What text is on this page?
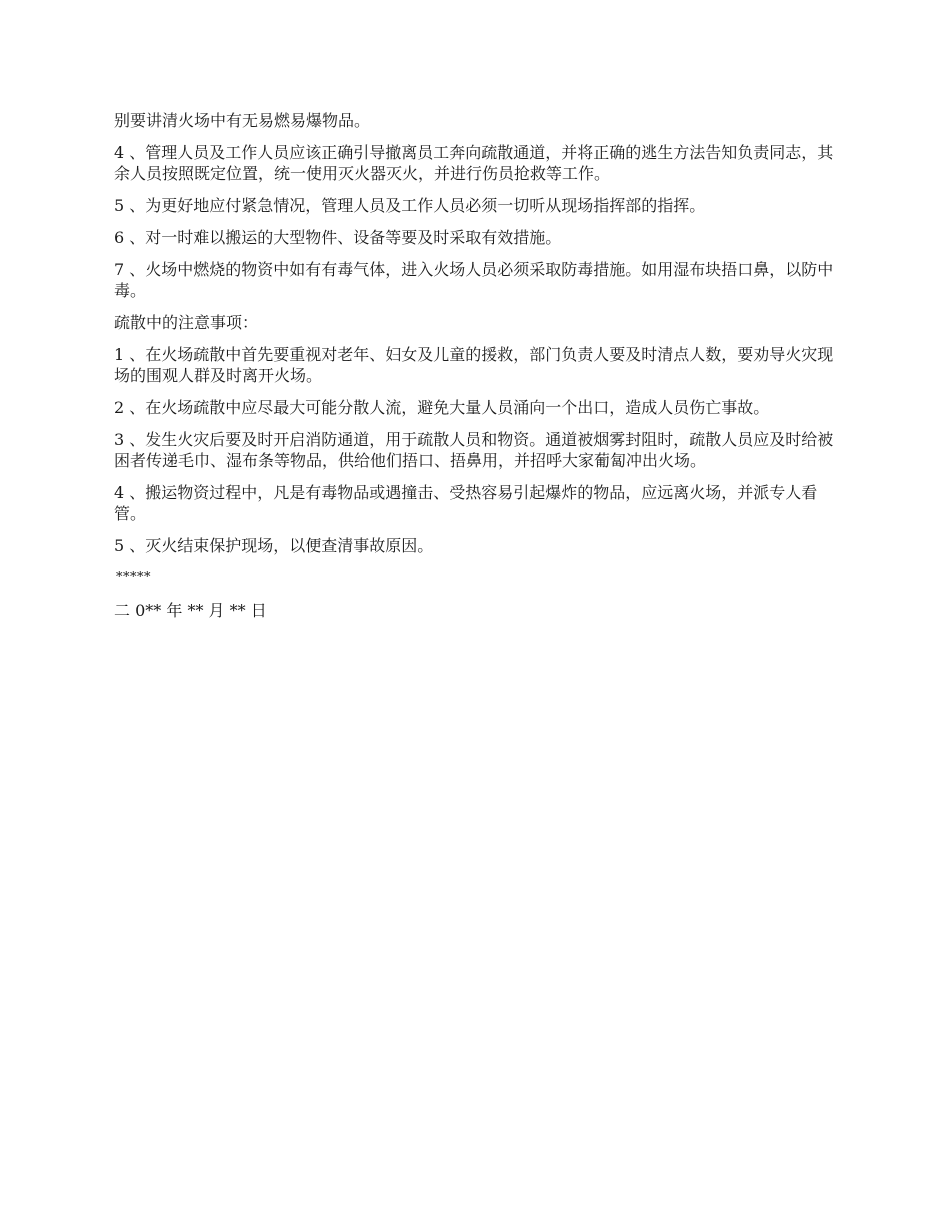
别要讲清火场中有无易燃易爆物品。

4 、管理人员及工作人员应该正确引导撤离员工奔向疏散通道，并将正确的逃生方法告知负责同志，其余人员按照既定位置，统一使用灭火器灭火，并进行伤员抢救等工作。

5 、为更好地应付紧急情况，管理人员及工作人员必须一切听从现场指挥部的指挥。

6 、对一时难以搬运的大型物件、设备等要及时采取有效措施。

7 、火场中燃烧的物资中如有有毒气体，进入火场人员必须采取防毒措施。如用湿布块捂口鼻，以防中毒。

疏散中的注意事项：

1 、在火场疏散中首先要重视对老年、妇女及儿童的援救，部门负责人要及时清点人数，要劝导火灾现场的围观人群及时离开火场。

2 、在火场疏散中应尽最大可能分散人流，避免大量人员涌向一个出口，造成人员伤亡事故。

3 、发生火灾后要及时开启消防通道，用于疏散人员和物资。通道被烟雾封阻时，疏散人员应及时给被困者传递毛巾、湿布条等物品，供给他们捂口、捂鼻用，并招呼大家葡匐冲出火场。

4 、搬运物资过程中，凡是有毒物品或遇撞击、受热容易引起爆炸的物品，应远离火场，并派专人看管。

5 、灭火结束保护现场，以便查清事故原因。

*****

二 0** 年 ** 月 ** 日
